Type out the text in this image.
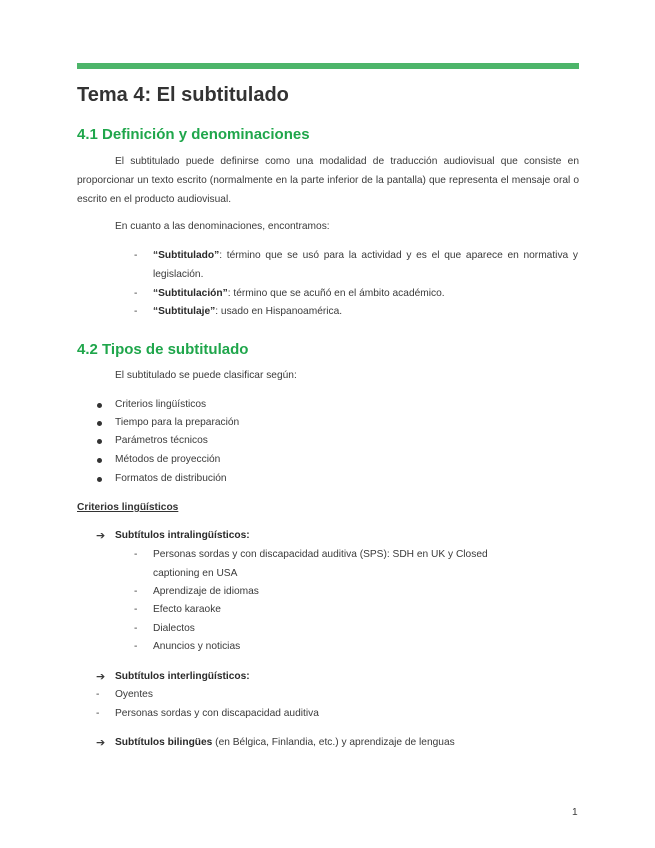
Tema 4: El subtitulado
4.1 Definición y denominaciones
El subtitulado puede definirse como una modalidad de traducción audiovisual que consiste en proporcionar un texto escrito (normalmente en la parte inferior de la pantalla) que representa el mensaje oral o escrito en el producto audiovisual.
En cuanto a las denominaciones, encontramos:
- “Subtitulado”: término que se usó para la actividad y es el que aparece en normativa y legislación.
- “Subtitulación”: término que se acuñó en el ámbito académico.
- “Subtitulaje”: usado en Hispanoamérica.
4.2 Tipos de subtitulado
El subtitulado se puede clasificar según:
Criterios lingüísticos
Tiempo para la preparación
Parámetros técnicos
Métodos de proyección
Formatos de distribución
Criterios lingüísticos
➔ Subtítulos intralingüísticos:
- Personas sordas y con discapacidad auditiva (SPS): SDH en UK y Closed captioning en USA
- Aprendizaje de idiomas
- Efecto karaoke
- Dialectos
- Anuncios y noticias
➔ Subtítulos interlingüísticos:
- Oyentes
- Personas sordas y con discapacidad auditiva
➔ Subtítulos bilingües (en Bélgica, Finlandia, etc.) y aprendizaje de lenguas
1
